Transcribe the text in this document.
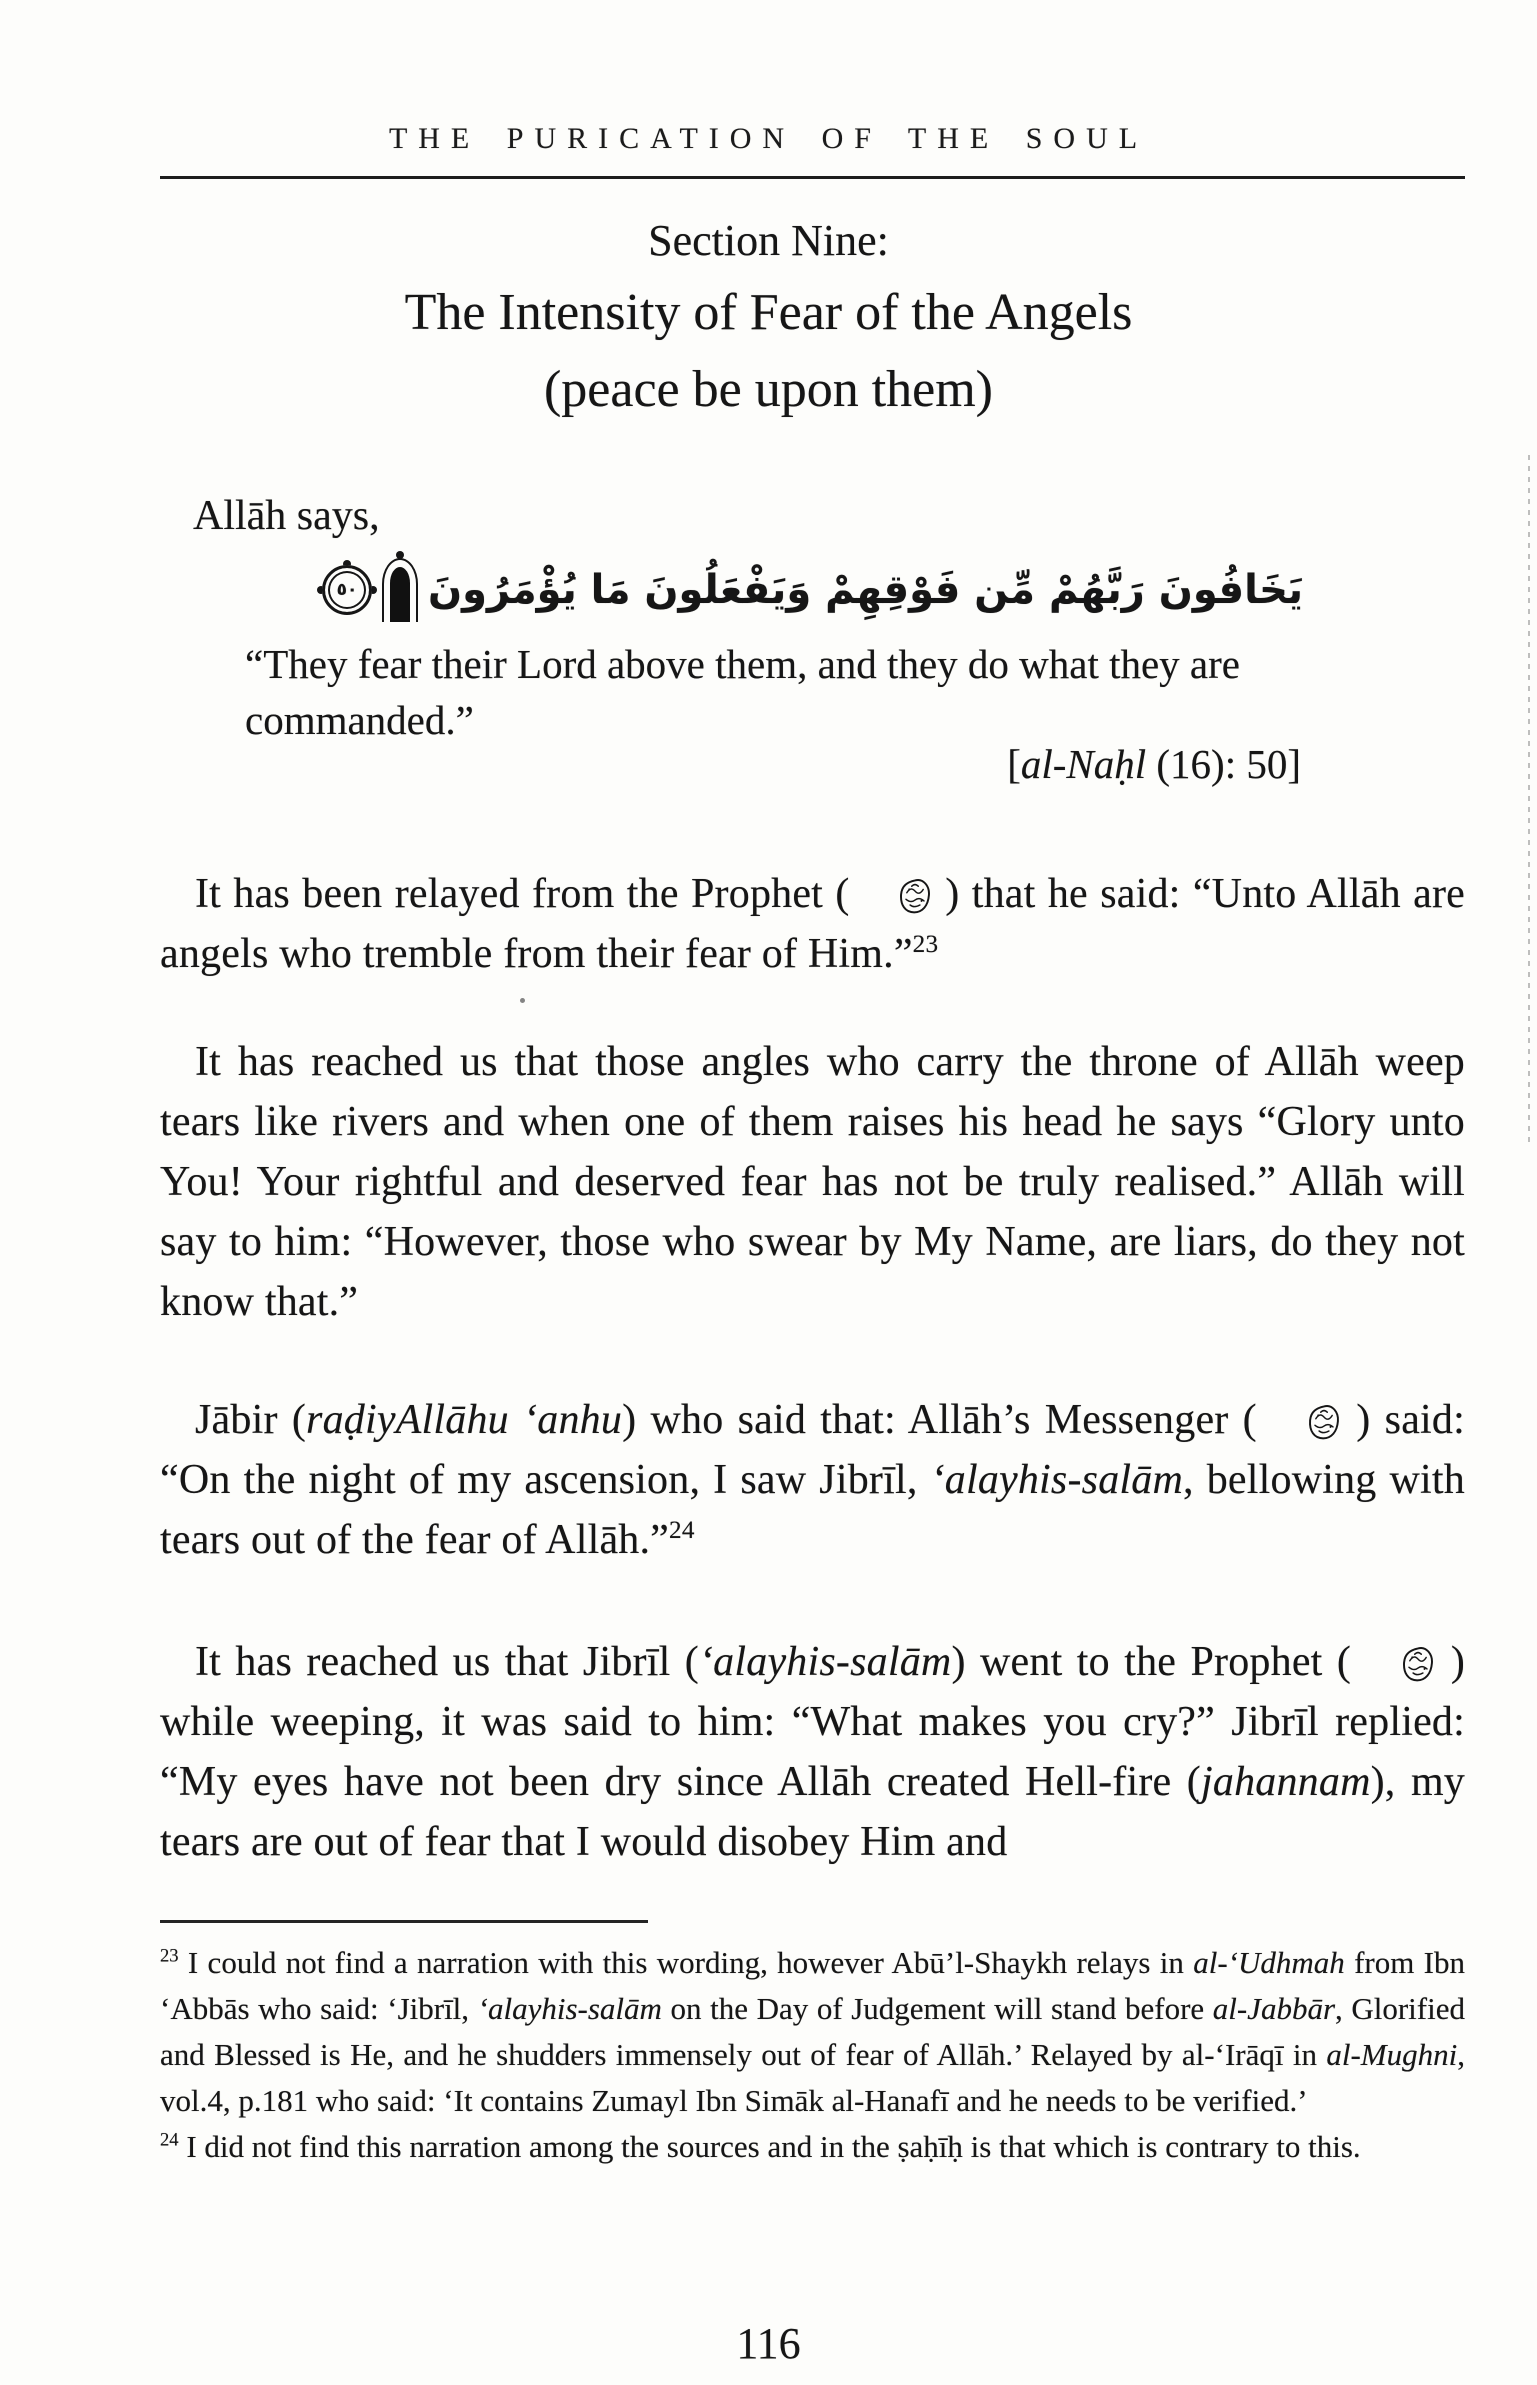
THE PURICATION OF THE SOUL
Section Nine:
The Intensity of Fear of the Angels
(peace be upon them)
Allāh says,
٥٠ يَخَافُونَ رَبَّهُمْ مِّن فَوْقِهِمْ وَيَفْعَلُونَ مَا يُؤْمَرُونَ
“They fear their Lord above them, and they do what they are commanded.”
[al-Naḥl (16): 50]

It has been relayed from the Prophet ( ) that he said: “Unto Allāh are angels who tremble from their fear of Him.”$^{23}$

It has reached us that those angles who carry the throne of Allāh weep tears like rivers and when one of them raises his head he says “Glory unto You! Your rightful and deserved fear has not be truly realised.” Allāh will say to him: “However, those who swear by My Name, are liars, do they not know that.”

Jābir (raḍiyAllāhu ‘anhu) who said that: Allāh’s Messenger ( ) said: “On the night of my ascension, I saw Jibrīl, ‘alayhis-salām, bellowing with tears out of the fear of Allāh.”$^{24}$

It has reached us that Jibrīl (‘alayhis-salām) went to the Prophet ( ) while weeping, it was said to him: “What makes you cry?” Jibrīl replied: “My eyes have not been dry since Allāh created Hell-fire (jahannam), my tears are out of fear that I would disobey Him and

$^{23}$ I could not find a narration with this wording, however Abū’l-Shaykh relays in al-‘Udhmah from Ibn ‘Abbās who said: ‘Jibrīl, ‘alayhis-salām on the Day of Judgement will stand before al-Jabbār, Glorified and Blessed is He, and he shudders immensely out of fear of Allāh.’ Relayed by al-‘Irāqī in al-Mughni, vol.4, p.181 who said: ‘It contains Zumayl Ibn Simāk al-Hanafī and he needs to be verified.’

$^{24}$ I did not find this narration among the sources and in the ṣaḥīḥ is that which is contrary to this.

116
